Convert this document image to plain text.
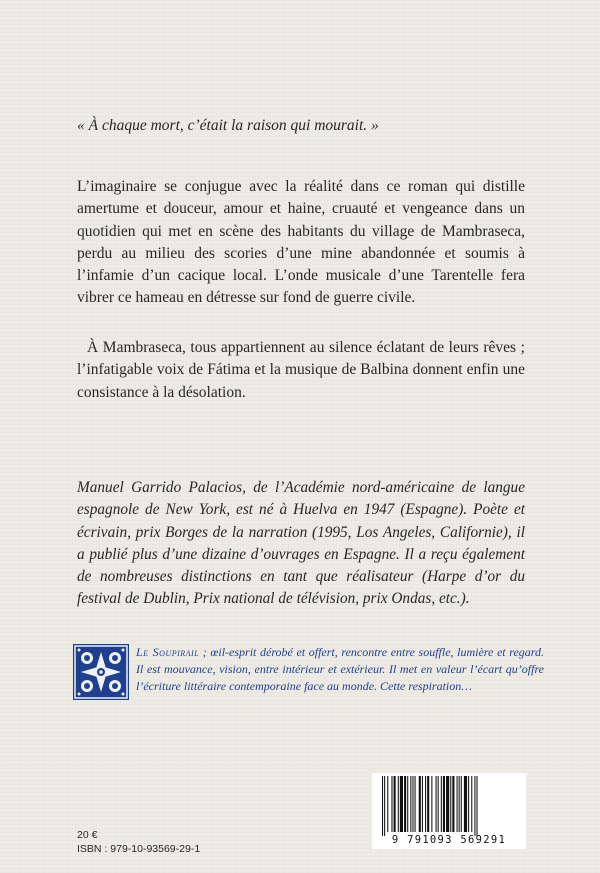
« À chaque mort, c’était la raison qui mourait. »

L’imaginaire se conjugue avec la réalité dans ce roman qui distille amertume et douceur, amour et haine, cruauté et vengeance dans un quotidien qui met en scène des habitants du village de Mambraseca, perdu au milieu des scories d’une mine abandonnée et soumis à l’infamie d’un cacique local. L’onde musicale d’une Tarentelle fera vibrer ce hameau en détresse sur fond de guerre civile.

À Mambraseca, tous appartiennent au silence éclatant de leurs rêves ; l’infatigable voix de Fátima et la musique de Balbina donnent enfin une consistance à la désolation.

Manuel Garrido Palacios, de l’Académie nord-américaine de langue espagnole de New York, est né à Huelva en 1947 (Espagne). Poète et écrivain, prix Borges de la narration (1995, Los Angeles, Californie), il a publié plus d’une dizaine d’ouvrages en Espagne. Il a reçu également de nombreuses distinctions en tant que réalisateur (Harpe d’or du festival de Dublin, Prix national de télévision, prix Ondas, etc.).

Le Soupirail ; œil-esprit dérobé et offert, rencontre entre souffle, lumière et regard. Il est mouvance, vision, entre intérieur et extérieur. Il met en valeur l’écart qu’offre l’écriture littéraire contemporaine face au monde. Cette respiration…
20 €
ISBN : 979-10-93569-29-1
9 791093 569291
